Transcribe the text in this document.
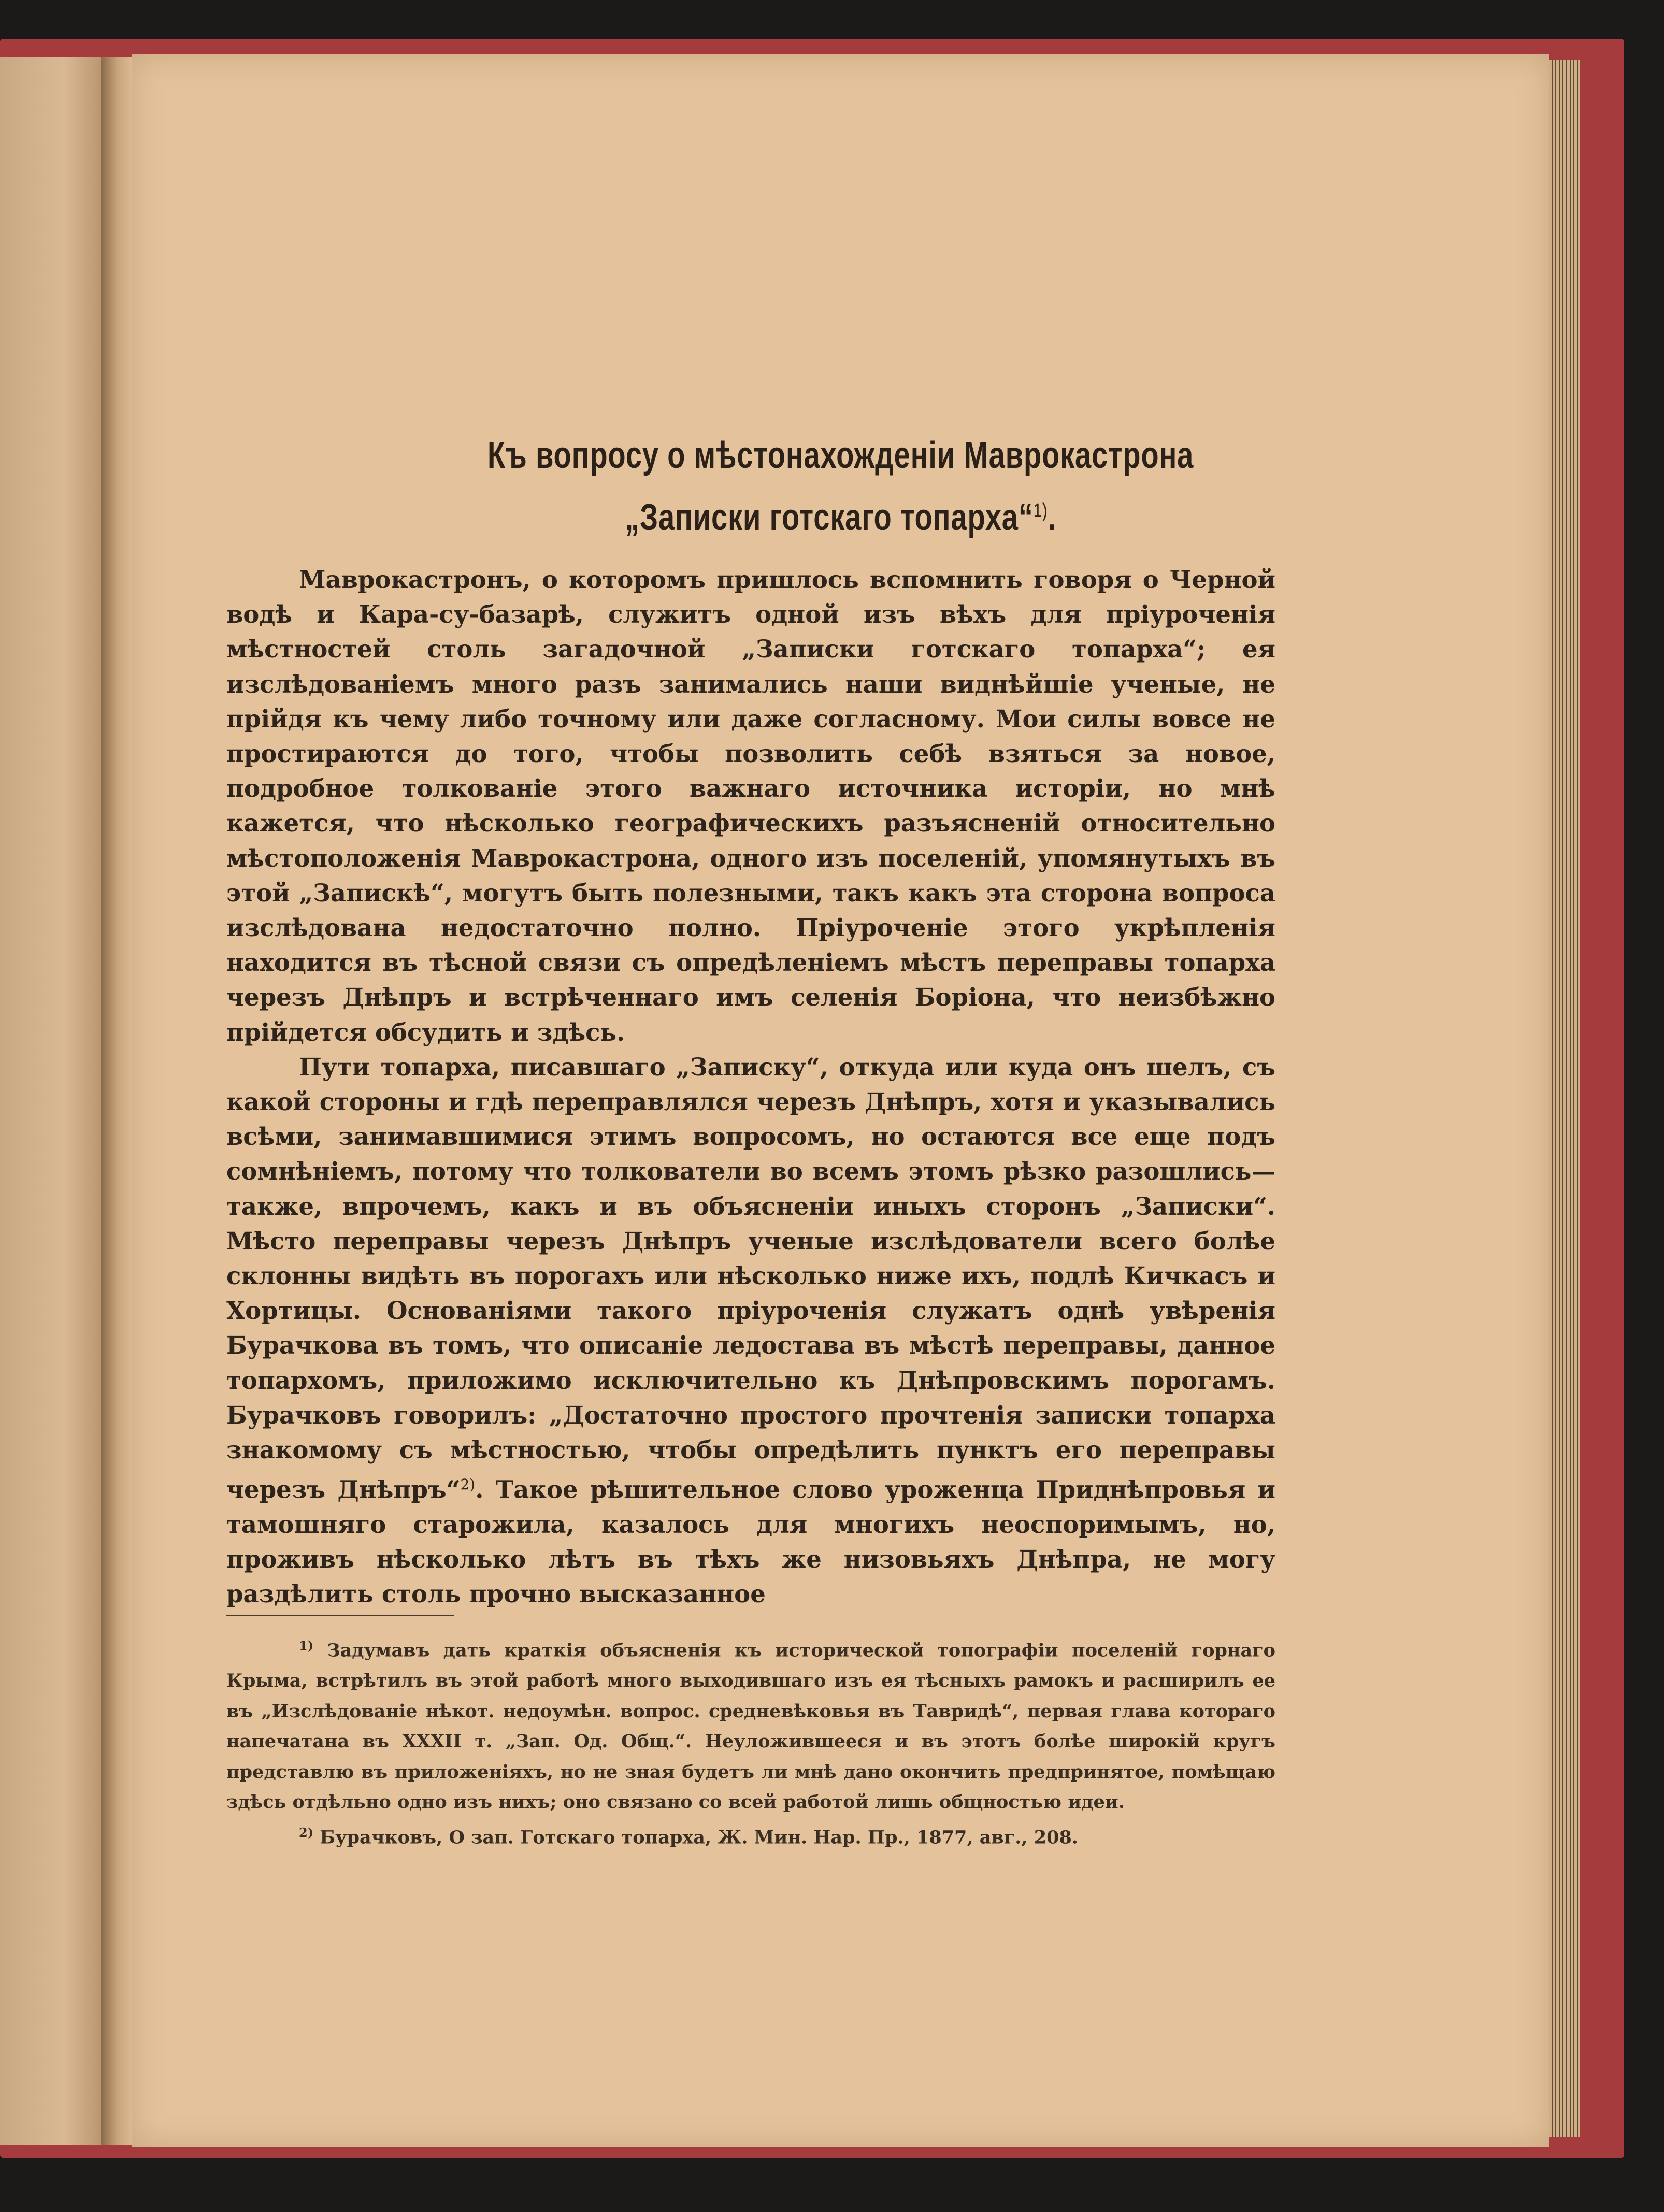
Къ вопросу о мѣстонахожденіи Маврокастрона
„Записки готскаго топарха“$^{1)}$.

Маврокастронъ, о которомъ пришлось вспомнить говоря о Черной водѣ и Кара-су-базарѣ, служитъ одной изъ вѣхъ для пріуроченія мѣстностей столь загадочной „Записки готскаго топарха“; ея изслѣдованіемъ много разъ занимались наши виднѣйшіе ученые, не прійдя къ чему либо точному или даже согласному. Мои силы вовсе не простираются до того, чтобы позволить себѣ взяться за новое, подробное толкованіе этого важнаго источника исторіи, но мнѣ кажется, что нѣсколько географическихъ разъясненій относительно мѣстоположенія Маврокастрона, одного изъ поселеній, упомянутыхъ въ этой „Запискѣ“, могутъ быть полезными, такъ какъ эта сторона вопроса изслѣдована недостаточно полно. Пріуроченіе этого укрѣпленія находится въ тѣсной связи съ опредѣленіемъ мѣстъ переправы топарха черезъ Днѣпръ и встрѣченнаго имъ селенія Боріона, что неизбѣжно прійдется обсудить и здѣсь.

Пути топарха, писавшаго „Записку“, откуда или куда онъ шелъ, съ какой стороны и гдѣ переправлялся черезъ Днѣпръ, хотя и указывались всѣми, занимавшимися этимъ вопросомъ, но остаются все еще подъ сомнѣніемъ, потому что толкователи во всемъ этомъ рѣзко разошлись—также, впрочемъ, какъ и въ объясненіи иныхъ сторонъ „Записки“. Мѣсто переправы черезъ Днѣпръ ученые изслѣдователи всего болѣе склонны видѣть въ порогахъ или нѣсколько ниже ихъ, подлѣ Кичкасъ и Хортицы. Основаніями такого пріуроченія служатъ однѣ увѣренія Бурачкова въ томъ, что описаніе ледостава въ мѣстѣ переправы, данное топархомъ, приложимо исключительно къ Днѣпровскимъ порогамъ. Бурачковъ говорилъ: „Достаточно простого прочтенія записки топарха знакомому съ мѣстностью, чтобы опредѣлить пунктъ его переправы черезъ Днѣпръ“$^{2)}$. Такое рѣшительное слово уроженца Приднѣпровья и тамошняго старожила, казалось для многихъ неоспоримымъ, но, проживъ нѣсколько лѣтъ въ тѣхъ же низовьяхъ Днѣпра, не могу раздѣлить столь прочно высказанное

$^{1)}$ Задумавъ дать краткія объясненія къ исторической топографіи поселеній горнаго Крыма, встрѣтилъ въ этой работѣ много выходившаго изъ ея тѣсныхъ рамокъ и расширилъ ее въ „Изслѣдованіе нѣкот. недоумѣн. вопрос. средневѣковья въ Тавридѣ“, первая глава котораго напечатана въ XXXII т. „Зап. Од. Общ.“. Неуложившееся и въ этотъ болѣе широкій кругъ представлю въ приложеніяхъ, но не зная будетъ ли мнѣ дано окончить предпринятое, помѣщаю здѣсь отдѣльно одно изъ нихъ; оно связано со всей работой лишь общностью идеи.

$^{2)}$ Бурачковъ, О зап. Готскаго топарха, Ж. Мин. Нар. Пр., 1877, авг., 208.
